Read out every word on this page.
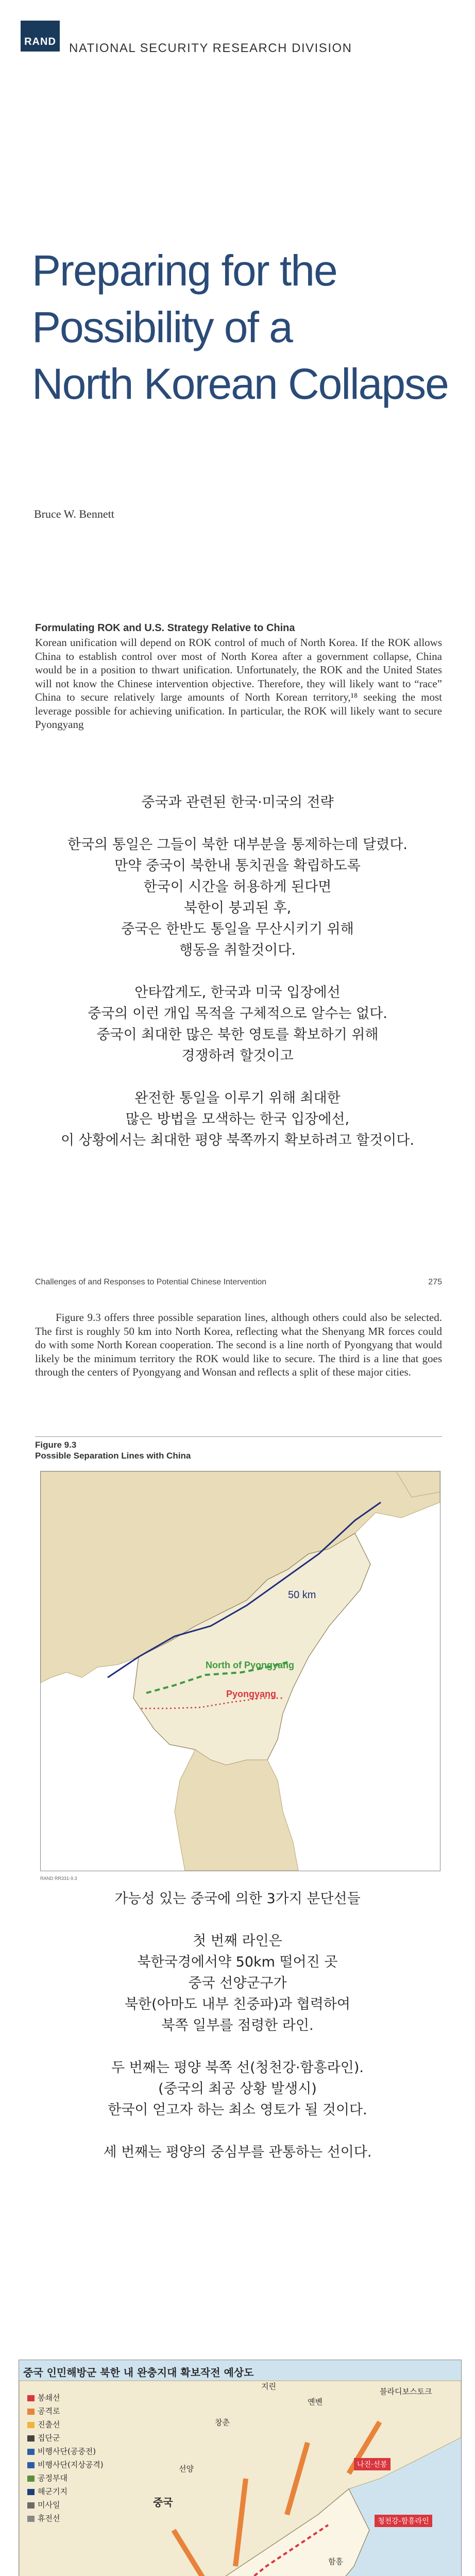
RAND NATIONAL SECURITY RESEARCH DIVISION
Preparing for the
Possibility of a
North Korean Collapse
Bruce W. Bennett
Formulating ROK and U.S. Strategy Relative to China
Korean unification will depend on ROK control of much of North Korea. If the ROK allows China to establish control over most of North Korea after a government collapse, China would be in a position to thwart unification. Unfortunately, the ROK and the United States will not know the Chinese intervention objective. Therefore, they will likely want to “race” China to secure relatively large amounts of North Korean territory,¹⁸ seeking the most leverage possible for achieving unification. In particular, the ROK will likely want to secure Pyongyang
중국과 관련된 한국·미국의 전략

한국의 통일은 그들이 북한 대부분을 통제하는데 달렸다.
만약 중국이 북한내 통치권을 확립하도록
한국이 시간을 허용하게 된다면
북한이 붕괴된 후,
중국은 한반도 통일을 무산시키기 위해
행동을 취할것이다.

안타깝게도, 한국과 미국 입장에선
중국의 이런 개입 목적을 구체적으로 알수는 없다.
중국이 최대한 많은 북한 영토를 확보하기 위해
경쟁하려 할것이고

완전한 통일을 이루기 위해 최대한
많은 방법을 모색하는 한국 입장에선,
이 상황에서는 최대한 평양 북쪽까지 확보하려고 할것이다.
Challenges of and Responses to Potential Chinese Intervention	275
Figure 9.3 offers three possible separation lines, although others could also be selected. The first is roughly 50 km into North Korea, reflecting what the Shenyang MR forces could do with some North Korean cooperation. The second is a line north of Pyongyang that would likely be the minimum territory the ROK would like to secure. The third is a line that goes through the centers of Pyongyang and Wonsan and reflects a split of these major cities.
Figure 9.3
Possible Separation Lines with China
50 km
North of Pyongyang
Pyongyang
RAND RR331-9.3
가능성 있는 중국에 의한 3가지 분단선들

첫 번째 라인은
북한국경에서약 50km 떨어진 곳
중국 선양군구가
북한(아마도 내부 친중파)과 협력하여
북쪽 일부를 점령한 라인.

두 번째는 평양 북쪽 선(청천강·함흥라인).
(중국의 최공 상황 발생시)
한국이 얻고자 하는 최소 영토가 될 것이다.

세 번째는 평양의 중심부를 관통하는 선이다.
중국 인민해방군 북한 내 완충지대 확보작전 예상도
봉쇄선
공격로
진출선
집단군
비행사단(공중전)
비행사단(지상공격)
공정부대
해군기지
미사일
휴전선
중국
나진·선봉
청천강-함흥라인
블라디보스토크
옌볜
지린
창춘
선양
함흥
